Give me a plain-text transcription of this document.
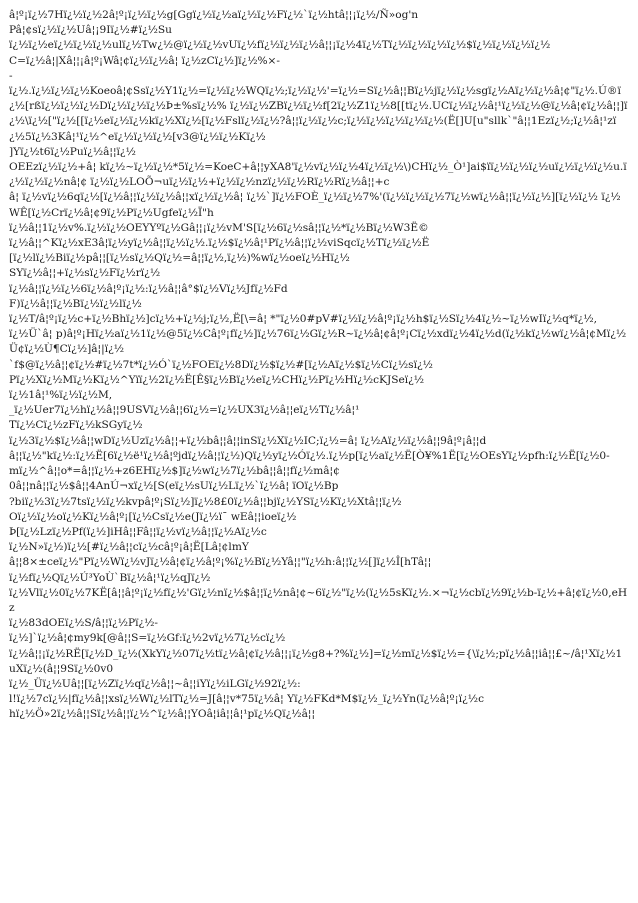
â¦º¡ï¿½7Hï¿½ï¿½2â¦º¡ï¿½ï¿½g[Ggï¿½ï¿½aï¿½ï¿½Fï¿½`ï¿½htâ¦¦¡ï¿½/Ñ»og'n
Pâ¦¢sï¿½ï¿½Uâ¦¡9Iï¿½#ï¿½Su
ï¿½ï¿½eï¿½ï¿½ï¿½ulï¿½Tw¿½@ï¿½ï¿½vUï¿½fï¿½ï¿½ï¿½â¦¦¡ï¿½4ï¿½Tï¿½ï¿½ï¿½ï¿½$ï¿½ï¿½ï¿½ï¿½
C=ï¿½â¦|Xâ¦¦¡â¦º¡Wâ¦¢ï¿½ï¿½â¦ ï¿½zCï¿½]ï¿½%×-
-
ï¿½.ï¿½ï¿½ï¿½Koeoâ¦¢Ssï¿½Y1ï¿½=ï¿½ï¿½WQï¿½;ï¿½ï¿½'=ï¿½=Sï¿½â¦¦Bï¿½jï¿½ï¿½sgï¿½Aï¿½ï¿½â¦¢"ï¿½.Ú®ï¿½[rßï¿½ï¿½ï¿½Dï¿½ï¿½ï¿½Þ±%sï¿½% ï¿½ï¿½ZBï¿½ï¿½f[2ï¿½Z1ï¿½8[[tï¿½.UCï¿½ï¿½â¦¹ï¿½ï¿½@ï¿½â¦¢ï¿½â¦¦]ï¿½\ï¿½["ï¿½[[ï¿½eï¿½ï¿½kï¿½Xï¿½[ï¿½Fslï¿½ï¿½?â¦¦ï¿½ï¿½c;ï¿½ï¿½ï¿½ï¿½ï¿½(Ë[]U[u"sllk`"â¦¦1Ezï¿½;ï¿½â¦¹zï¿½5ï¿½3Kâ¦¹ï¿½^eï¿½ï¿½ï¿½[v3@ï¿½ï¿½Kï¿½
]Yï¿½t6ï¿½Puï¿½â¦¦ï¿½
OEEzï¿½ï¿½+â¦ kï¿½~ï¿½ï¿½*5ï¿½=KoeC+â¦¦yXA8'ï¿½vï¿½ï¿½4ï¿½ï¿½\)CHï¿½_Ò¹]ai$ïï¿½ï¿½ï¿½uï¿½ï¿½ï¿½u.ï¿½ï¿½ï¿½nâ¦¢ ï¿½ï¿½LOÕ¬uï¿½ï¿½+ï¿½ï¿½nzï¿½ï¿½Rï¿½Rï¿½â¦¦+c
â¦ ï¿½vï¿½6qï¿½[ï¿½â¦¦ï¿½ï¿½â¦¦xï¿½ï¿½â¦ ï¿½`]ï¿½FOÈ_ï¿½ï¿½7%'(ï¿½ï¿½ï¿½7ï¿½wï¿½â¦¦ï¿½ï¿½][ï¿½ï¿½ ï¿½WÊ[ï¿½Crï¿½â¦¢9ï¿½Pï¿½Ugfeï¿½Ï"h
ï¿½â¦¦1ï¿½v%.ï¿½ï¿½OEYYºï¿½Gâ¦¦¡ï¿½vM'S[ï¿½6ï¿½sâ¦¦ï¿½*ï¿½Bï¿½W3Ë©
ï¿½â¦¦^Kï¿½xE3â¦ï¿½yï¿½â¦¦ï¿½ï¿½.ï¿½$ï¿½â¦¹Pï¿½â¦¦ï¿½viSqcï¿½Tï¿½ï¿½Ë
[ï¿½lï¿½Biï¿½pâ¦¦[ï¿½sï¿½Qï¿½=â¦¦ï¿½,ï¿½)%wï¿½oeï¿½Hï¿½
SYï¿½â¦¦+ï¿½sï¿½Fï¿½rï¿½
ï¿½â¦¦ï¿½ï¿½6ï¿½â¦º¡ï¿½:ï¿½â¦¦â°$ï¿½Vï¿½Jfï¿½Fd
F)ï¿½â¦¦ï¿½Bï¿½ï¿½lï¿½
ï¿½T/â¦º¡ï¿½c+ï¿½Bhï¿½]cï¿½+ï¿½j;ï¿½,Ë[\=â¦ *"ï¿½0#pV#ï¿½ï¿½â¦º¡ï¿½h$ï¿½Sï¿½4ï¿½~ï¿½wIï¿½q*ï¿½,
ï¿½Ü`â¦ p)â¦º¡Hï¿½aï¿½1ï¿½@5ï¿½Câ¦º¡fï¿½]ï¿½76ï¿½Gï¿½R~ï¿½â¦¢â¦º¡Cï¿½xdï¿½4ï¿½d(ï¿½kï¿½wï¿½â¦¢Mï¿½Ü¢ï¿½Ù¶Cï¿½]â¦|ï¿½
`f$@ï¿½â¦¦¢ï¿½#ï¿½7t*ï¿½Ó`ï¿½FOEï¿½8Dï¿½$ï¿½#[ï¿½Aï¿½$ï¿½Cï¿½sï¿½
Pï¿½Xï¿½Mï¿½Kï¿½^Yïï¿½2ï¿½Ë[Ê§ï¿½Bï¿½eï¿½CHï¿½Pï¿½Hï¿½cKJSeï¿½
ï¿½1â¦¹%ï¿½ï¿½M,
_ï¿½Uer7ï¿½hï¿½â¦¦9USVï¿½â¦¦6ï¿½=ï¿½UX3ï¿½â¦¦eï¿½Tï¿½â¦¹
Tï¿½Cï¿½zFï¿½kSGyï¿½
ï¿½3ï¿½$ï¿½â¦¦wDï¿½Uzï¿½â¦¦+ï¿½bâ¦¦â¦¦inSï¿½Xï¿½IC;ï¿½=â¦ ï¿½Aï¿½ï¿½â¦¦9â¦º¡â¦¦d
â¦¦ï¿½"kï¿½:ï¿½Ë[6ï¿½ë¹ï¿½â¦ºjdï¿½â¦¦ï¿½)Qï¿½yï¿½Óï¿½.ï¿½p[ï¿½aï¿½Ë[Ò¥%1Ë[ï¿½OEsYï¿½pfh:ï¿½Ë[ï¿½0-
mï¿½^â¦¦o*=â¦¦ï¿½+z6EHï¿½$]ï¿½wï¿½7ï¿½bâ¦¦â¦¦fï¿½mâ¦¢
0â¦¦nâ¦¦ï¿½$â¦¦4AnÚ¬xï¿½[S(eï¿½sUï¿½Lï¿½`ï¿½â¦ ïOï¿½Bp
?biï¿½3ï¿½7tsï¿½ï¿½kvpâ¦º¡Sï¿½]ï¿½8£0ï¿½â¦¦bjï¿½YSï¿½Kï¿½Xtâ¦¦ï¿½
Oï¿½ï¿½oï¿½Kï¿½â¦º¡[ï¿½Csï¿½e(Jï¿½ï¯ wEâ¦¦ioeï¿½
Þ[ï¿½Lzï¿½Pf(ï¿½]iHâ¦¦Fâ¦¦ï¿½vï¿½â¦¦ï¿½Aï¿½c
ï¿½N»ï¿½)ï¿½[#ï¿½â¦¦cï¿½câ¦º¡â¦Ë[Lâ¦¢lmY
â¦¦8×±ceï¿½"Pï¿½Wï¿½vJï¿½â¦¢ï¿½â¦º¡%ï¿½Bï¿½Yâ¦¦"ï¿½h:â¦¦ï¿½[]ï¿½Î[hTâ¦¦
ï¿½fï¿½Qï¿½Ú³YoÙ`Bï¿½â¦¹ï¿½qJï¿½
ï¿½Vlï¿½0ï¿½7KË[â¦¦â¦º¡ï¿½fï¿½'Gï¿½nï¿½$â¦¦ï¿½nâ¦¢~6ï¿½"ï¿½(ï¿½5sKï¿½.×¬ï¿½cbï¿½9ï¿½b-ï¿½+â¦¢ï¿½0,eHz
ï¿½83dOEï¿½S/â¦¦ï¿½Pï¿½-
ï¿½]`ï¿½â¦¢my9k[@â¦¦S=ï¿½Gf:ï¿½2vï¿½7ï¿½cï¿½
ï¿½â¦¦¡ï¿½RË[ï¿½D_ï¿½(XkYï¿½07ï¿½tï¿½â¦¢ï¿½â¦¦¡ï¿½g8+?%ï¿½]=ï¿½mï¿½$ï¿½={\ï¿½;pï¿½â¦¦iâ¦¦£~/â¦¹Xï¿½1uXï¿½(â¦¦9Sï¿½0v0
ï¿½_Üï¿½Uâ¦¦[ï¿½Zï¿½qï¿½â¦¦~â¦¦iYï¿½iLGï¿½92ï¿½:
l!ï¿½7cï¿½|fï¿½â¦¦xsï¿½Wï¿½lTï¿½=J[â¦¦v*75ï¿½â¦ Yï¿½FKd*M$ï¿½_ï¿½Yn(ï¿½â¦º¡ï¿½c
hï¿½Ö»2ï¿½â¦¦Sï¿½â¦¦ï¿½^ï¿½â¦¦YOâ¦iâ¦¦â¦¹pï¿½Qï¿½â¦¦
